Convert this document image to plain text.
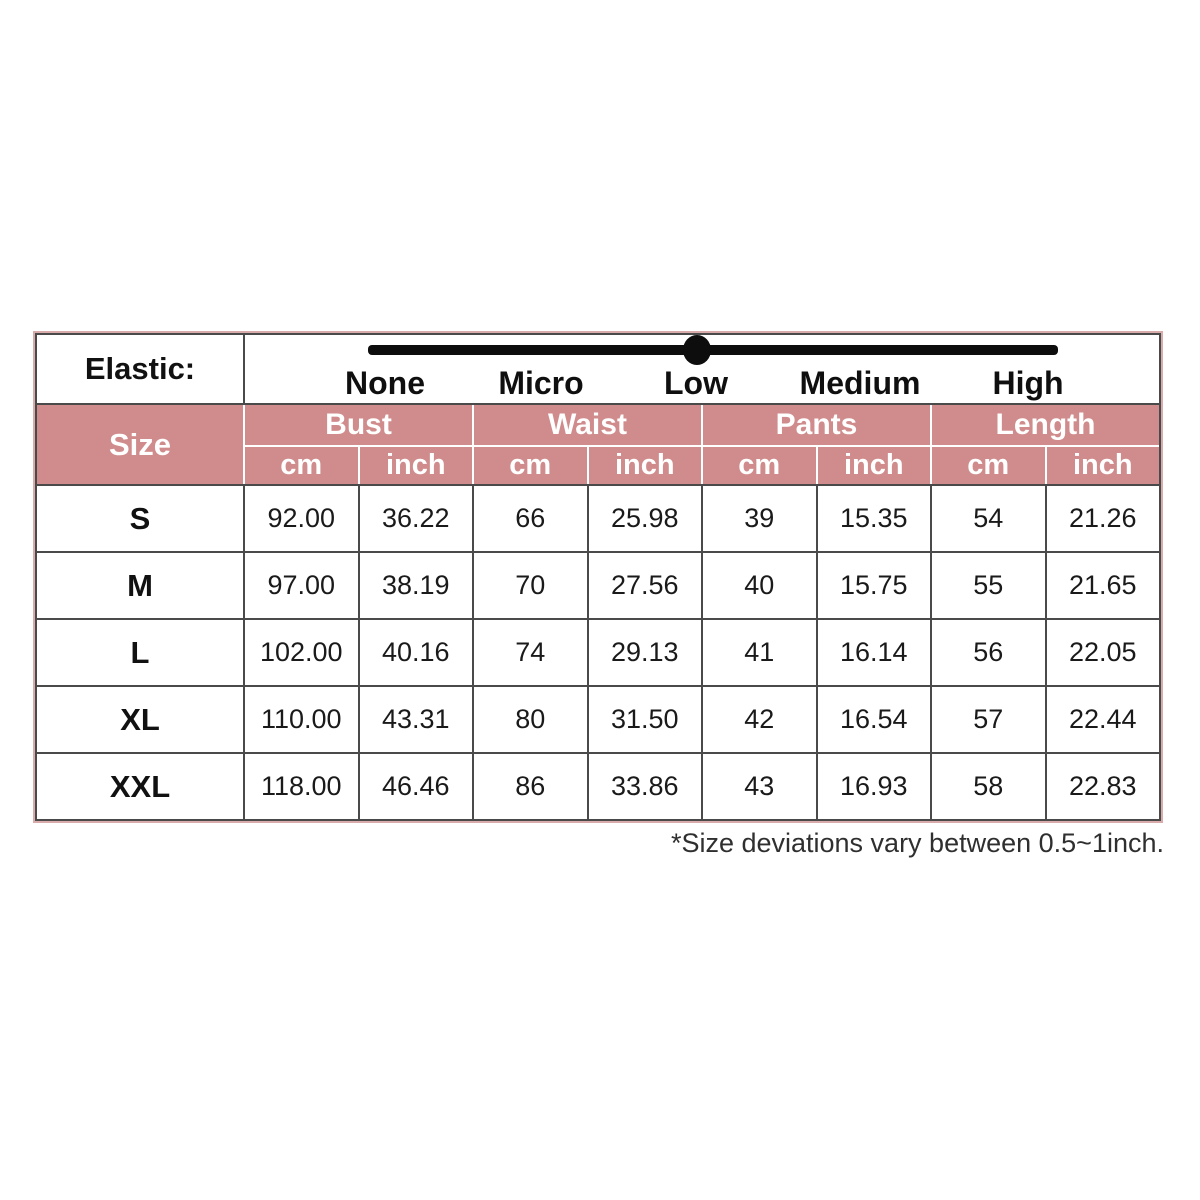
Elastic:	None Micro	Low Medium High
Size
Bust	Waist	Pants	Length
cm	inch	cm	inch	cm	inch	cm	inch
S	92.00	36.22	66	25.98	39	15.35	54	21.26
M	97.00	38.19	70	27.56	40	15.75	55	21.65
L	102.00	40.16	74	29.13	41	16.14	56	22.05
XL	110.00	43.31	80	31.50	42	16.54	57	22.44
XXL	118.00	46.46	86	33.86	43	16.93	58	22.83
*Size deviations vary between 0.5~1inch.
